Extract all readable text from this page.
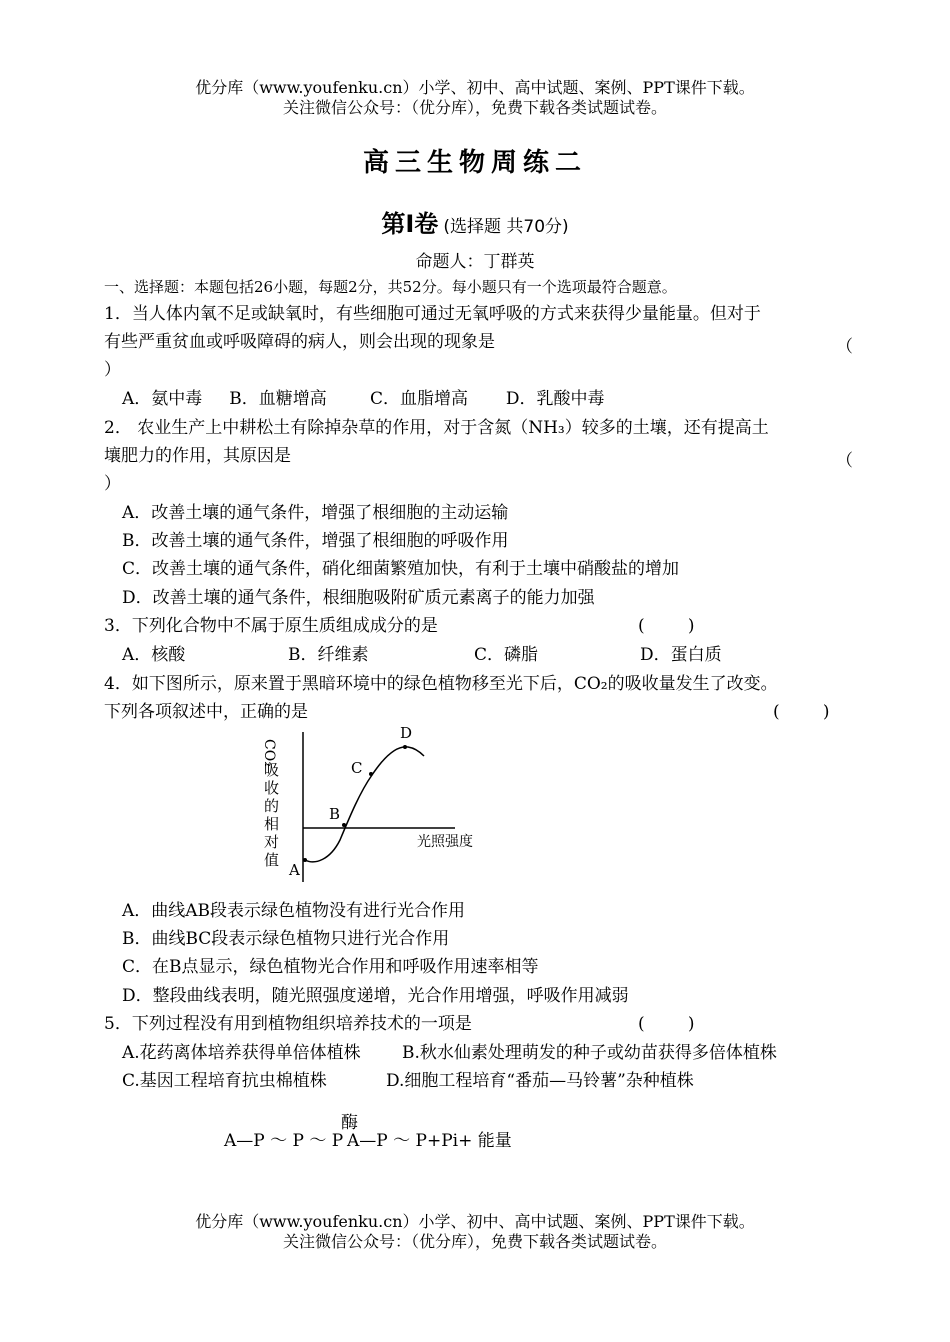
优分库（www.youfenku.cn）小学、初中、高中试题、案例、PPT课件下载。
关注微信公众号：（优分库），免费下载各类试题试卷。
高三生物周练二
第Ⅰ卷 (选择题 共70分)
命题人：丁群英
一、选择题：本题包括26小题，每题2分，共52分。每小题只有一个选项最符合题意。
1．当人体内氧不足或缺氧时，有些细胞可通过无氧呼吸的方式来获得少量能量。但对于
有些严重贫血或呼吸障碍的病人，则会出现的现象是	（
）
A．氨中毒     B．血糖增高        C．血脂增高       D．乳酸中毒
2． 农业生产上中耕松土有除掉杂草的作用，对于含氮（NH₃）较多的土壤，还有提高土
壤肥力的作用，其原因是	（
）
A．改善土壤的通气条件，增强了根细胞的主动运输
B．改善土壤的通气条件，增强了根细胞的呼吸作用
C．改善土壤的通气条件，硝化细菌繁殖加快，有利于土壤中硝酸盐的增加
D．改善土壤的通气条件，根细胞吸附矿质元素离子的能力加强
3．下列化合物中不属于原生质组成成分的是	(        )
A．核酸	B．纤维素	C．磷脂	D．蛋白质
4．如下图所示，原来置于黑暗环境中的绿色植物移至光下后，CO₂的吸收量发生了改变。
下列各项叙述中，正确的是	(        )
A
B
C
D
光照强度
CO₂
吸
收
的
相
对
值
A．曲线AB段表示绿色植物没有进行光合作用
B．曲线BC段表示绿色植物只进行光合作用
C．在B点显示，绿色植物光合作用和呼吸作用速率相等
D．整段曲线表明，随光照强度递增，光合作用增强，呼吸作用减弱
5．下列过程没有用到植物组织培养技术的一项是	(        )
A.花药离体培养获得单倍体植株 B.秋水仙素处理萌发的种子或幼苗获得多倍体植株
C.基因工程培育抗虫棉植株	D.细胞工程培育“番茄—马铃薯”杂种植株
酶
A—P ～ P ～ P A—P ～ P+Pi+ 能量
优分库（www.youfenku.cn）小学、初中、高中试题、案例、PPT课件下载。
关注微信公众号：（优分库），免费下载各类试题试卷。
